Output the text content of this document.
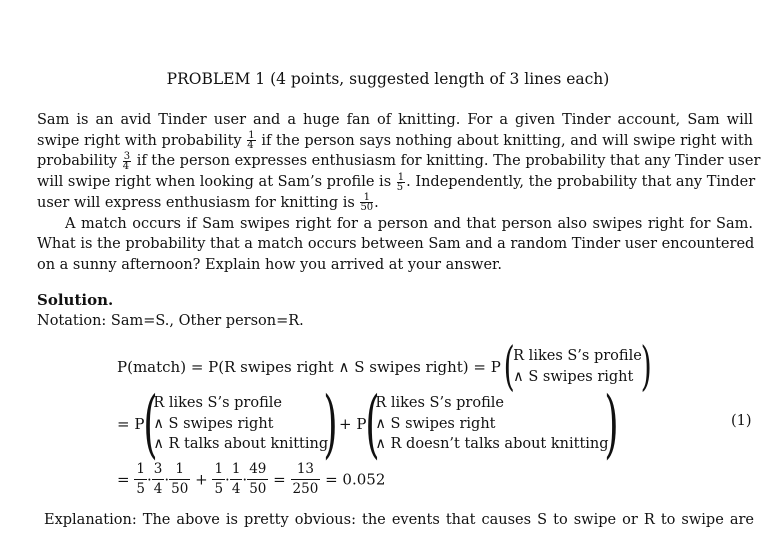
PROBLEM 1 (4 points, suggested length of 3 lines each)
Sam is an avid Tinder user and a huge fan of knitting. For a given Tinder account, Sam will
swipe right with probability $\frac{1}{4}$ if the person says nothing about knitting, and will swipe right with
probability $\frac{3}{4}$ if the person expresses enthusiasm for knitting. The probability that any Tinder user
will swipe right when looking at Sam’s profile is $\frac{1}{5}$ . Independently, the probability that any Tinder
user will express enthusiasm for knitting is $\frac{1}{50}$ .
A match occurs if Sam swipes right for a person and that person also swipes right for Sam.
What is the probability that a match occurs between Sam and a random Tinder user encountered
on a sunny afternoon? Explain how you arrived at your answer.
Solution.
Notation: Sam=S., Other person=R.
P(match) = P(R swipes right ∧ S swipes right) = P(
R likes S’s profile
∧ S swipes right )
= P(
R likes S’s profile
∧ S swipes right
∧ R talks about knitting
)+ P(
R likes S’s profile
∧ S swipes right
∧ R doesn’t talks about knitting
)	(1)
= $\frac{1}{5} \cdot \frac{3}{4} \cdot \frac{1}{50} + \frac{1}{5} \cdot \frac{1}{4} \cdot \frac{49}{50} = \frac{13}{250} = 0.052$
Explanation: The above is pretty obvious: the events that causes S to swipe or R to swipe are
